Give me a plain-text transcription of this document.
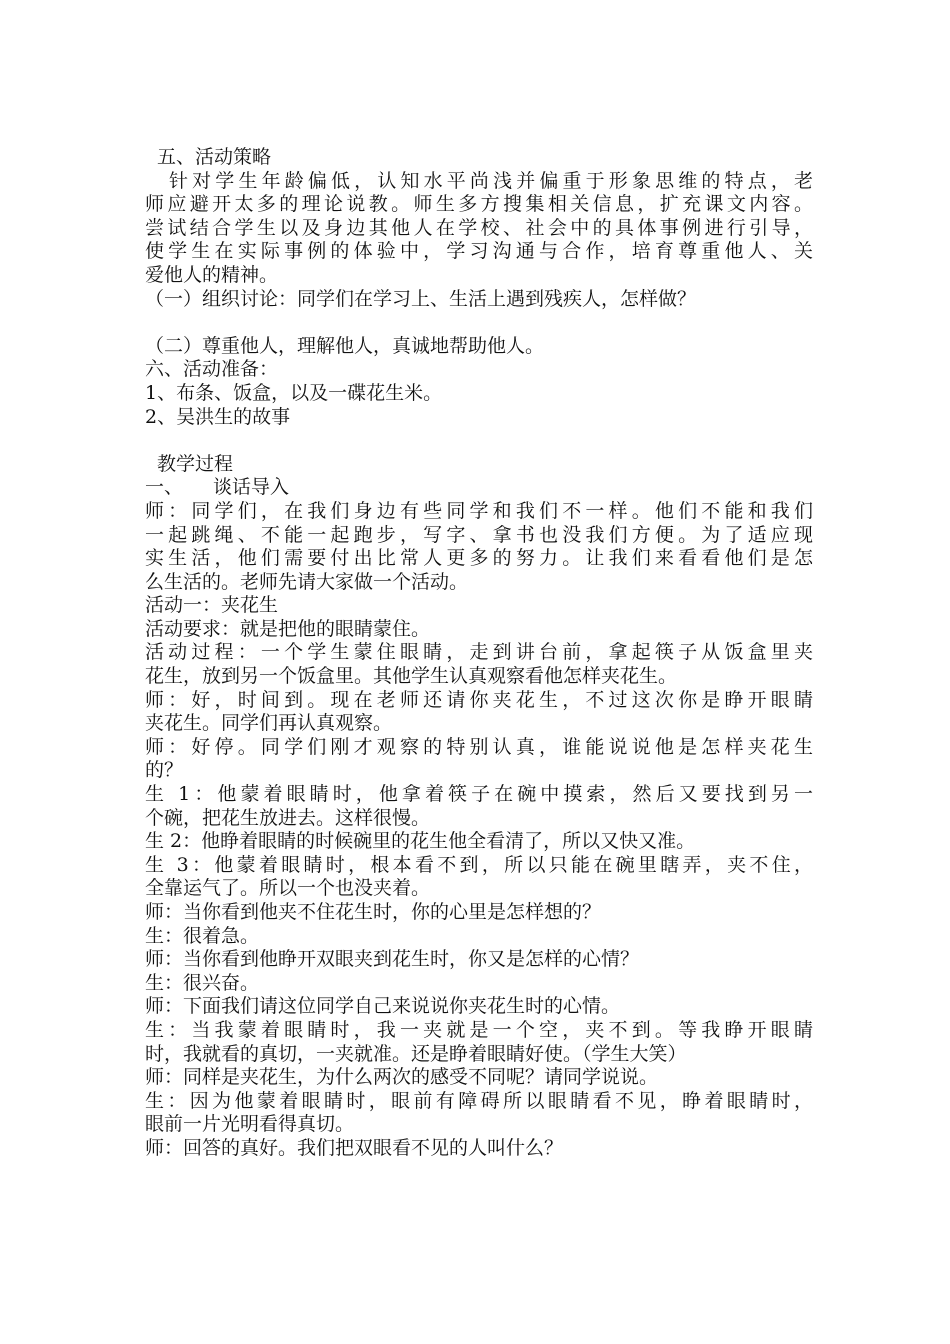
五、活动策略
针对学生年龄偏低，认知水平尚浅并偏重于形象思维的特点，老
师应避开太多的理论说教。师生多方搜集相关信息，扩充课文内容。
尝试结合学生以及身边其他人在学校、社会中的具体事例进行引导，
使学生在实际事例的体验中，学习沟通与合作，培育尊重他人、关
爱他人的精神。
（一）组织讨论：同学们在学习上、生活上遇到残疾人，怎样做？
（二）尊重他人，理解他人，真诚地帮助他人。
六、活动准备：
1、布条、饭盒，以及一碟花生米。
2、吴洪生的故事
教学过程
一、 谈话导入
师：同学们，在我们身边有些同学和我们不一样。他们不能和我们
一起跳绳、不能一起跑步，写字、拿书也没我们方便。为了适应现
实生活，他们需要付出比常人更多的努力。让我们来看看他们是怎
么生活的。老师先请大家做一个活动。
活动一：夹花生
活动要求：就是把他的眼睛蒙住。
活动过程：一个学生蒙住眼睛，走到讲台前，拿起筷子从饭盒里夹
花生，放到另一个饭盒里。其他学生认真观察看他怎样夹花生。
师：好，时间到。现在老师还请你夹花生，不过这次你是睁开眼睛
夹花生。同学们再认真观察。
师：好停。同学们刚才观察的特别认真，谁能说说他是怎样夹花生
的？
生 1：他蒙着眼睛时，他拿着筷子在碗中摸索，然后又要找到另一
个碗，把花生放进去。这样很慢。
生 2：他睁着眼睛的时候碗里的花生他全看清了，所以又快又准。
生 3：他蒙着眼睛时，根本看不到，所以只能在碗里瞎弄，夹不住，
全靠运气了。所以一个也没夹着。
师：当你看到他夹不住花生时，你的心里是怎样想的？
生：很着急。
师：当你看到他睁开双眼夹到花生时，你又是怎样的心情？
生：很兴奋。
师：下面我们请这位同学自己来说说你夹花生时的心情。
生：当我蒙着眼睛时，我一夹就是一个空，夹不到。等我睁开眼睛
时，我就看的真切，一夹就准。还是睁着眼睛好使。（学生大笑）
师：同样是夹花生，为什么两次的感受不同呢？请同学说说。
生：因为他蒙着眼睛时，眼前有障碍所以眼睛看不见，睁着眼睛时，
眼前一片光明看得真切。
师：回答的真好。我们把双眼看不见的人叫什么？
